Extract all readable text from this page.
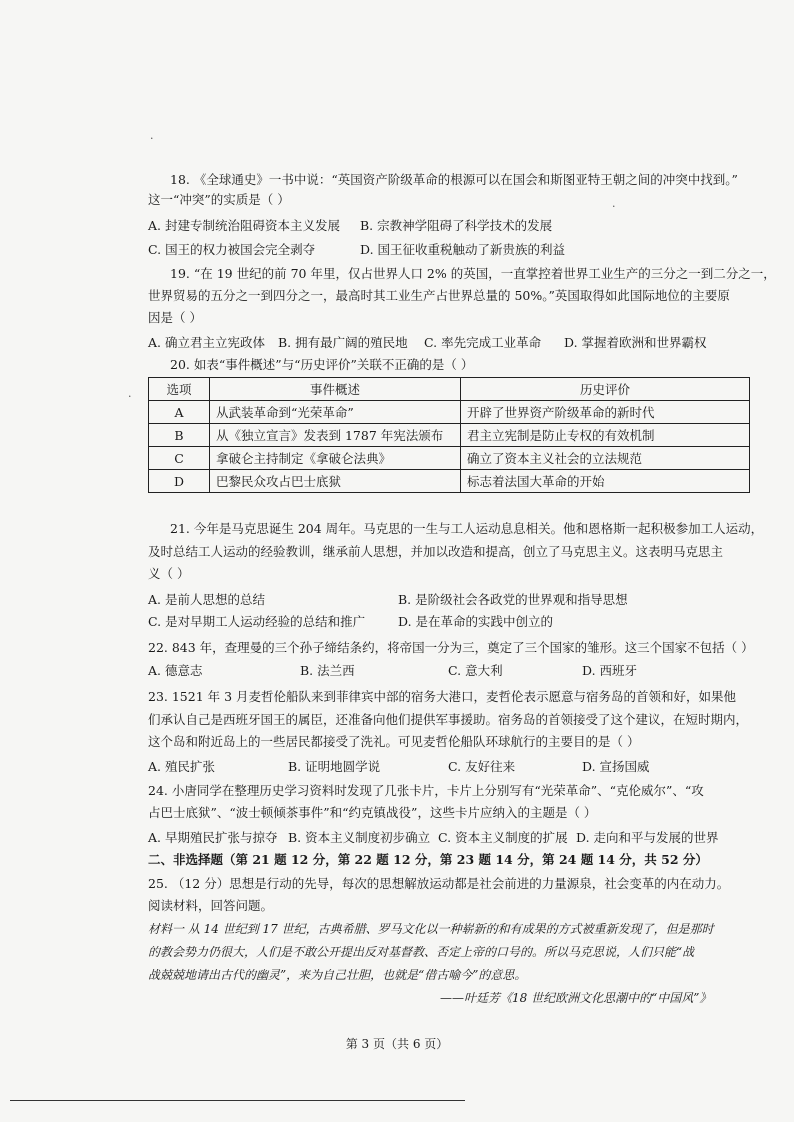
·
·
·
18. 《全球通史》一书中说：“英国资产阶级革命的根源可以在国会和斯图亚特王朝之间的冲突中找到。”
这一“冲突”的实质是（ ）
A. 封建专制统治阻碍资本主义发展 B. 宗教神学阻碍了科学技术的发展
C. 国王的权力被国会完全剥夺	D. 国王征收重税触动了新贵族的利益
19. “在 19 世纪的前 70 年里，仅占世界人口 2% 的英国，一直掌控着世界工业生产的三分之一到二分之一，
世界贸易的五分之一到四分之一，最高时其工业生产占世界总量的 50%。”英国取得如此国际地位的主要原
因是（ ）
A. 确立君主立宪政体 B. 拥有最广阔的殖民地 C. 率先完成工业革命 D. 掌握着欧洲和世界霸权
20. 如表“事件概述”与“历史评价”关联不正确的是（ ）
选项	事件概述	历史评价
A	从武装革命到“光荣革命”	开辟了世界资产阶级革命的新时代
B	从《独立宣言》发表到 1787 年宪法颁布	君主立宪制是防止专权的有效机制
C	拿破仑主持制定《拿破仑法典》	确立了资本主义社会的立法规范
D	巴黎民众攻占巴士底狱	标志着法国大革命的开始
21. 今年是马克思诞生 204 周年。马克思的一生与工人运动息息相关。他和恩格斯一起积极参加工人运动，
及时总结工人运动的经验教训，继承前人思想，并加以改造和提高，创立了马克思主义。这表明马克思主
义（ ）
A. 是前人思想的总结	B. 是阶级社会各政党的世界观和指导思想
C. 是对早期工人运动经验的总结和推广	D. 是在革命的实践中创立的
22. 843 年，查理曼的三个孙子缔结条约，将帝国一分为三，奠定了三个国家的雏形。这三个国家不包括（ ）
A. 德意志	B. 法兰西	C. 意大利	D. 西班牙
23. 1521 年 3 月麦哲伦船队来到菲律宾中部的宿务大港口，麦哲伦表示愿意与宿务岛的首领和好，如果他
们承认自己是西班牙国王的属臣，还准备向他们提供军事援助。宿务岛的首领接受了这个建议，在短时期内，
这个岛和附近岛上的一些居民都接受了洗礼。可见麦哲伦船队环球航行的主要目的是（ ）
A. 殖民扩张	B. 证明地圆学说	C. 友好往来	D. 宣扬国威
24. 小唐同学在整理历史学习资料时发现了几张卡片，卡片上分别写有“光荣革命”、“克伦威尔”、“攻
占巴士底狱”、“波士顿倾茶事件”和“约克镇战役”，这些卡片应纳入的主题是（ ）
A. 早期殖民扩张与掠夺 B. 资本主义制度初步确立 C. 资本主义制度的扩展 D. 走向和平与发展的世界
二、非选择题（第 21 题 12 分，第 22 题 12 分，第 23 题 14 分，第 24 题 14 分，共 52 分）
25. （12 分）思想是行动的先导，每次的思想解放运动都是社会前进的力量源泉，社会变革的内在动力。
阅读材料，回答问题。
材料一 从 14 世纪到 17 世纪，古典希腊、罗马文化以一种崭新的和有成果的方式被重新发现了，但是那时
的教会势力仍很大，人们是不敢公开提出反对基督教、否定上帝的口号的。所以马克思说，人们只能“战
战兢兢地请出古代的幽灵”，来为自己壮胆，也就是“借古喻今”的意思。
——叶廷芳《18 世纪欧洲文化思潮中的“中国风”》
第 3 页（共 6 页）
